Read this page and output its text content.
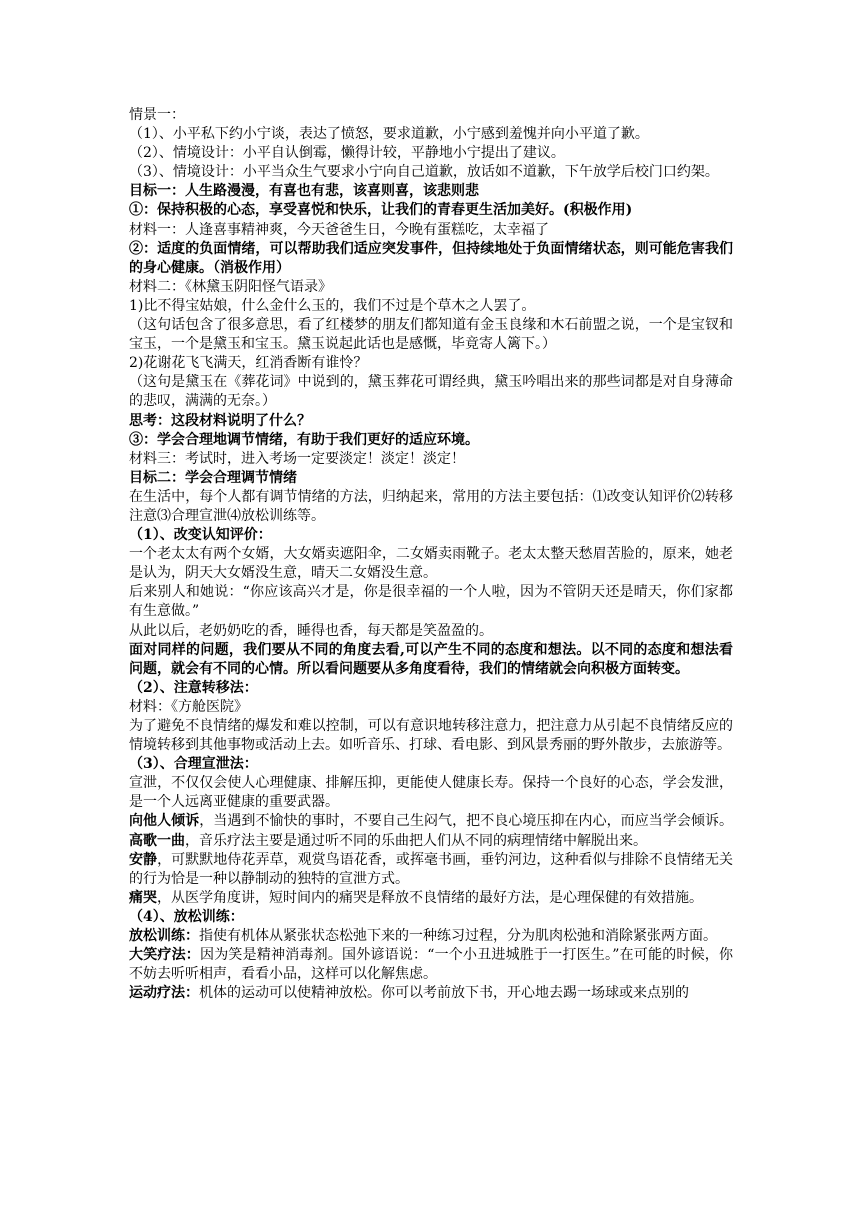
情景一：

（1）、小平私下约小宁谈，表达了愤怒，要求道歉，小宁感到羞愧并向小平道了歉。

（2）、情境设计：小平自认倒霉，懒得计较，平静地小宁提出了建议。

（3）、情境设计：小平当众生气要求小宁向自己道歉，放话如不道歉，下午放学后校门口约架。

目标一：人生路漫漫，有喜也有悲，该喜则喜，该悲则悲

①：保持积极的心态，享受喜悦和快乐，让我们的青春更生活加美好。(积极作用)

材料一：人逢喜事精神爽，今天爸爸生日，今晚有蛋糕吃，太幸福了

②：适度的负面情绪，可以帮助我们适应突发事件，但持续地处于负面情绪状态，则可能危害我们的身心健康。（消极作用）

材料二：《林黛玉阴阳怪气语录》

1)比不得宝姑娘，什么金什么玉的，我们不过是个草木之人罢了。

（这句话包含了很多意思，看了红楼梦的朋友们都知道有金玉良缘和木石前盟之说，一个是宝钗和宝玉，一个是黛玉和宝玉。黛玉说起此话也是感慨，毕竟寄人篱下。）

2)花谢花飞飞满天，红消香断有谁怜？

（这句是黛玉在《葬花词》中说到的，黛玉葬花可谓经典，黛玉吟唱出来的那些词都是对自身薄命的悲叹，满满的无奈。）

思考：这段材料说明了什么？

③：学会合理地调节情绪，有助于我们更好的适应环境。

材料三：考试时，进入考场一定要淡定！淡定！淡定！

目标二：学会合理调节情绪

在生活中，每个人都有调节情绪的方法，归纳起来，常用的方法主要包括：⑴改变认知评价⑵转移注意⑶合理宣泄⑷放松训练等。

（1）、改变认知评价：

一个老太太有两个女婿，大女婿卖遮阳伞，二女婿卖雨靴子。老太太整天愁眉苦脸的，原来，她老是认为，阴天大女婿没生意，晴天二女婿没生意。

后来别人和她说：“你应该高兴才是，你是很幸福的一个人啦，因为不管阴天还是晴天，你们家都有生意做。”

从此以后，老奶奶吃的香，睡得也香，每天都是笑盈盈的。

面对同样的问题，我们要从不同的角度去看,可以产生不同的态度和想法。以不同的态度和想法看问题，就会有不同的心情。所以看问题要从多角度看待，我们的情绪就会向积极方面转变。

（2）、注意转移法：

材料：《方舱医院》

为了避免不良情绪的爆发和难以控制，可以有意识地转移注意力，把注意力从引起不良情绪反应的情境转移到其他事物或活动上去。如听音乐、打球、看电影、到风景秀丽的野外散步，去旅游等。

（3）、合理宣泄法：

宣泄，不仅仅会使人心理健康、排解压抑，更能使人健康长寿。保持一个良好的心态，学会发泄，是一个人远离亚健康的重要武器。

向他人倾诉，当遇到不愉快的事时，不要自己生闷气，把不良心境压抑在内心，而应当学会倾诉。高歌一曲，音乐疗法主要是通过听不同的乐曲把人们从不同的病理情绪中解脱出来。

安静，可默默地侍花弄草，观赏鸟语花香，或挥毫书画，垂钓河边，这种看似与排除不良情绪无关的行为恰是一种以静制动的独特的宣泄方式。

痛哭，从医学角度讲，短时间内的痛哭是释放不良情绪的最好方法，是心理保健的有效措施。

（4）、放松训练：

放松训练：指使有机体从紧张状态松弛下来的一种练习过程，分为肌肉松弛和消除紧张两方面。

大笑疗法：因为笑是精神消毒剂。国外谚语说：“一个小丑进城胜于一打医生。”在可能的时候，你不妨去听听相声，看看小品，这样可以化解焦虑。

运动疗法：机体的运动可以使精神放松。你可以考前放下书，开心地去踢一场球或来点别的
